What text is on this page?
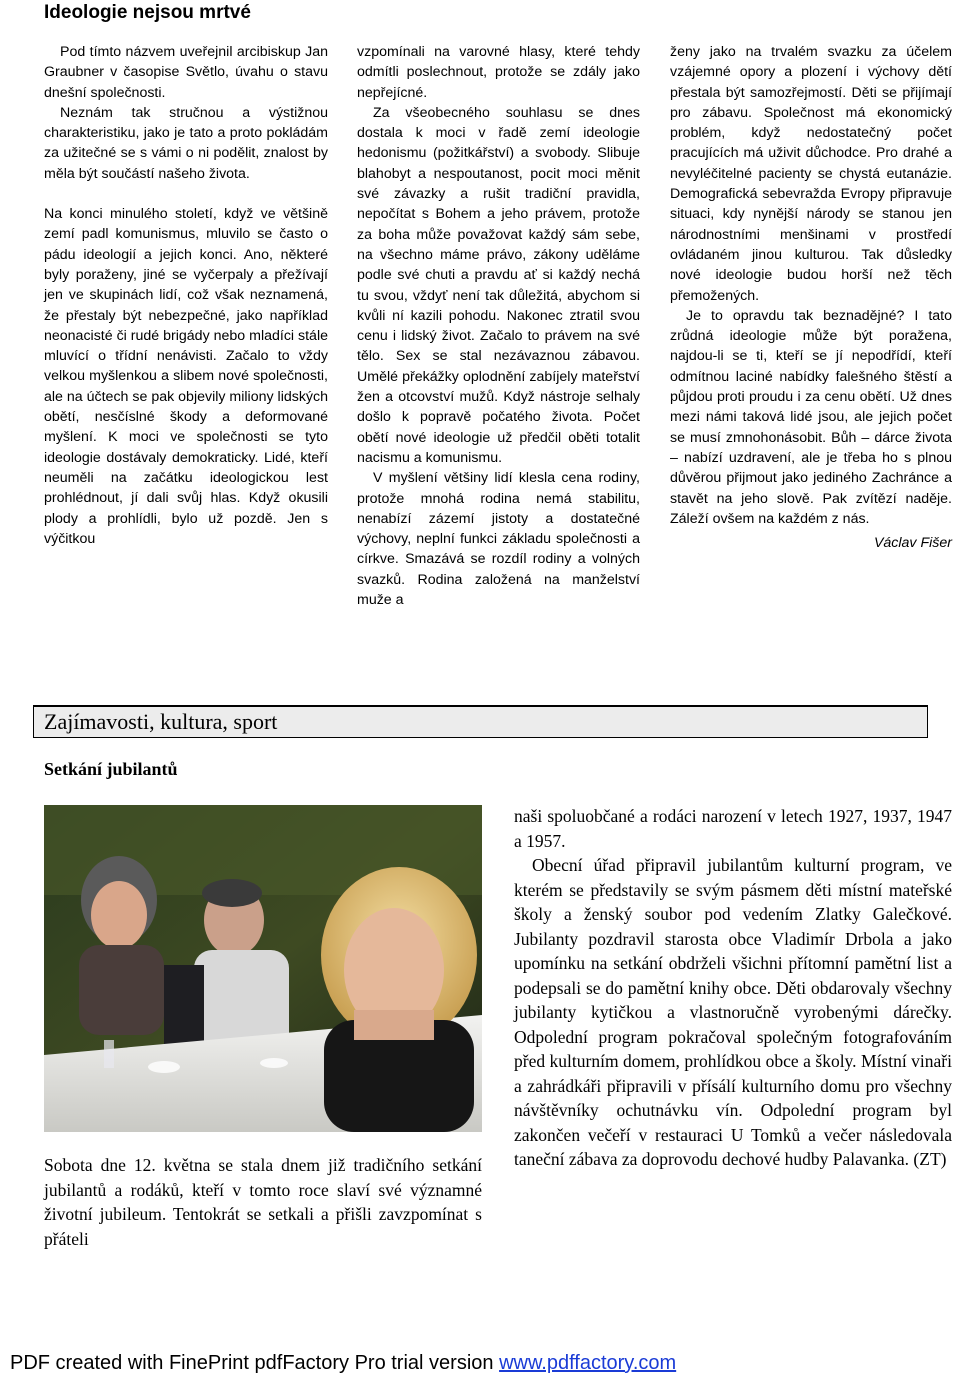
Ideologie nejsou mrtvé

Pod tímto názvem uveřejnil arcibiskup Jan Graubner v časopise Světlo, úvahu o stavu dnešní společnosti.

Neznám tak stručnou a výstižnou charakteristiku, jako je tato a proto pokládám za užitečné se s vámi o ni podělit, znalost by měla být součástí našeho života.

Na konci minulého století, když ve většině zemí padl komunismus, mluvilo se často o pádu ideologií a jejich konci. Ano, některé byly poraženy, jiné se vyčerpaly a přežívají jen ve skupinách lidí, což však neznamená, že přestaly být nebezpečné, jako například neonacisté či rudé brigády nebo mladíci stále mluvící o třídní nenávisti. Začalo to vždy velkou myšlenkou a slibem nové společnosti, ale na účtech se pak objevily miliony lidských obětí, nesčíslné škody a deformované myšlení. K moci ve společnosti se tyto ideologie dostávaly demokraticky. Lidé, kteří neuměli na začátku ideologickou lest prohlédnout, jí dali svůj hlas. Když okusili plody a prohlídli, bylo už pozdě. Jen s výčitkou

vzpomínali na varovné hlasy, které tehdy odmítli poslechnout, protože se zdály jako nepřejícné.

Za všeobecného souhlasu se dnes dostala k moci v řadě zemí ideologie hedonismu (požitkářství) a svobody. Slibuje blahobyt a nespoutanost, pocit moci měnit své závazky a rušit tradiční pravidla, nepočítat s Bohem a jeho právem, protože za boha může považovat každý sám sebe, na všechno máme právo, zákony uděláme podle své chuti a pravdu ať si každý nechá tu svou, vždyť není tak důležitá, abychom si kvůli ní kazili pohodu. Nakonec ztratil svou cenu i lidský život. Začalo to právem na své tělo. Sex se stal nezávaznou zábavou. Umělé překážky oplodnění zabíjely mateřství žen a otcovství mužů. Když nástroje selhaly došlo k popravě počatého života. Počet obětí nové ideologie už předčil oběti totalit nacismu a komunismu.

V myšlení většiny lidí klesla cena rodiny, protože mnohá rodina nemá stabilitu, nenabízí zázemí jistoty a dostatečné výchovy, neplní funkci základu společnosti a církve. Smazává se rozdíl rodiny a volných svazků. Rodina založená na manželství muže a

ženy jako na trvalém svazku za účelem vzájemné opory a plození i výchovy dětí přestala být samozřejmostí. Děti se přijímají pro zábavu. Společnost má ekonomický problém, když nedostatečný počet pracujících má uživit důchodce. Pro drahé a nevyléčitelné pacienty se chystá eutanázie. Demografická sebevražda Evropy připravuje situaci, kdy nynější národy se stanou jen národnostními menšinami v prostředí ovládaném jinou kulturou. Tak důsledky nové ideologie budou horší než těch přemožených.

Je to opravdu tak beznadějné? I tato zrůdná ideologie může být poražena, najdou-li se ti, kteří se jí nepodřídí, kteří odmítnou laciné nabídky falešného štěstí a půjdou proti proudu i za cenu obětí. Už dnes mezi námi taková lidé jsou, ale jejich počet se musí zmnohonásobit. Bůh – dárce života – nabízí uzdravení, ale je třeba ho s plnou důvěrou přijmout jako jediného Zachránce a stavět na jeho slově. Pak zvítězí naděje. Záleží ovšem na každém z nás.

Václav Fišer
Zajímavosti, kultura, sport
Setkání jubilantů

Sobota dne 12. května se stala dnem již tradičního setkání jubilantů a rodáků, kteří v tomto roce slaví své významné životní jubileum. Tentokrát se setkali a přišli zavzpomínat s přáteli

naši spoluobčané a rodáci narození v letech 1927, 1937, 1947 a 1957.

Obecní úřad připravil jubilantům kulturní program, ve kterém se představily se svým pásmem děti místní mateřské školy a ženský soubor pod vedením Zlatky Galečkové. Jubilanty pozdravil starosta obce Vladimír Drbola a jako upomínku na setkání obdrželi všichni přítomní pamětní list a podepsali se do pamětní knihy obce. Děti obdarovaly všechny jubilanty kytičkou a vlastnoručně vyrobenými dárečky. Odpolední program pokračoval společným fotografováním před kulturním domem, prohlídkou obce a školy. Místní vinaři a zahrádkáři připravili v přísálí kulturního domu pro všechny návštěvníky ochutnávku vín. Odpolední program byl zakončen večeří v restauraci U Tomků a večer následovala taneční zábava za doprovodu dechové hudby Palavanka. (ZT)

PDF created with FinePrint pdfFactory Pro trial version www.pdffactory.com
